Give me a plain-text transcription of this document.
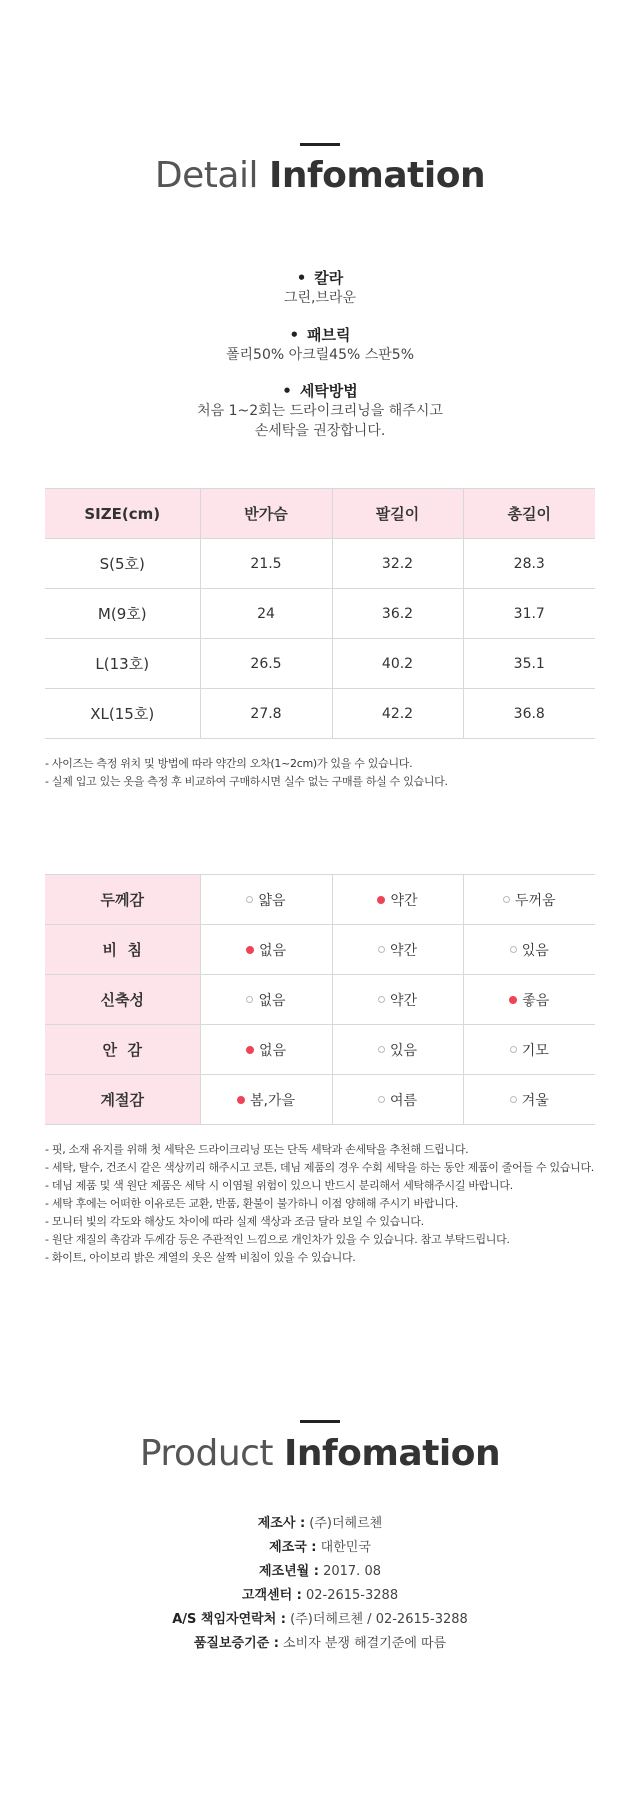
Detail Infomation
• 칼라
그린,브라운
• 패브릭
폴리50% 아크릴45% 스판5%
• 세탁방법
처음 1~2회는 드라이크리닝을 해주시고
손세탁을 권장합니다.
SIZE(cm)	반가슴	팔길이	총길이
S(5호)	21.5	32.2	28.3
M(9호)	24	36.2	31.7
L(13호)	26.5	40.2	35.1
XL(15호)	27.8	42.2	36.8
- 사이즈는 측정 위치 및 방법에 따라 약간의 오차(1~2cm)가 있을 수 있습니다.
- 실제 입고 있는 옷을 측정 후 비교하여 구매하시면 실수 없는 구매를 하실 수 있습니다.
두께감	얇음	약간	두꺼움
비  침	없음	약간	있음
신축성	없음	약간	좋음
안  감	없음	있음	기모
계절감	봄,가을	여름	겨울
- 핏, 소재 유지를 위해 첫 세탁은 드라이크리닝 또는 단독 세탁과 손세탁을 추천해 드립니다.
- 세탁, 탈수, 건조시 같은 색상끼리 해주시고 코튼, 데님 제품의 경우 수회 세탁을 하는 동안 제품이 줄어들 수 있습니다.
- 데님 제품 및 색 원단 제품은 세탁 시 이염될 위험이 있으니 반드시 분리해서 세탁해주시길 바랍니다.
- 세탁 후에는 어떠한 이유로든 교환, 반품, 환불이 불가하니 이점 양해해 주시기 바랍니다.
- 모니터 빛의 각도와 해상도 차이에 따라 실제 색상과 조금 달라 보일 수 있습니다.
- 원단 재질의 촉감과 두께감 등은 주관적인 느낌으로 개인차가 있을 수 있습니다. 참고 부탁드립니다.
- 화이트, 아이보리 밝은 계열의 옷은 살짝 비침이 있을 수 있습니다.
Product Infomation
제조사 : (주)더헤르첸
제조국 : 대한민국
제조년월 : 2017. 08
고객센터 : 02-2615-3288
A/S 책임자연락처 : (주)더헤르첸 / 02-2615-3288
품질보증기준 : 소비자 분쟁 해결기준에 따름
